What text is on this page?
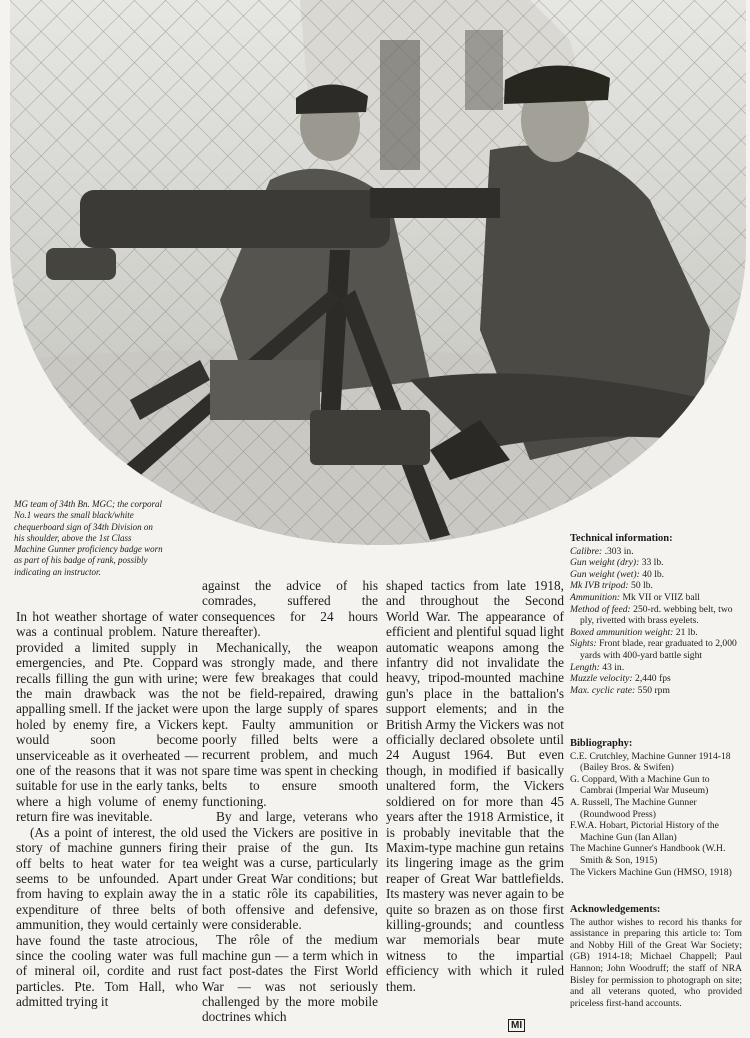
MG team of 34th Bn. MGC; the corporal No.1 wears the small black/white chequerboard sign of 34th Division on his shoulder, above the 1st Class Machine Gunner proficiency badge worn as part of his badge of rank, possibly indicating an instructor.

In hot weather shortage of water was a continual problem. Nature provided a limited supply in emergencies, and Pte. Coppard recalls filling the gun with urine; the main drawback was the appalling smell. If the jacket were holed by enemy fire, a Vickers would soon become unserviceable as it overheated — one of the reasons that it was not suitable for use in the early tanks, where a high volume of enemy return fire was inevitable.

(As a point of interest, the old story of machine gunners firing off belts to heat water for tea seems to be unfounded. Apart from having to explain away the expenditure of three belts of ammunition, they would certainly have found the taste atrocious, since the cooling water was full of mineral oil, cordite and rust particles. Pte. Tom Hall, who admitted trying it

against the advice of his comrades, suffered the consequences for 24 hours thereafter).

Mechanically, the weapon was strongly made, and there were few breakages that could not be field-repaired, drawing upon the large supply of spares kept. Faulty ammunition or poorly filled belts were a recurrent problem, and much spare time was spent in checking belts to ensure smooth functioning.

By and large, veterans who used the Vickers are positive in their praise of the gun. Its weight was a curse, particularly under Great War conditions; but in a static rôle its capabilities, both offensive and defensive, were considerable.

The rôle of the medium machine gun — a term which in fact post-dates the First World War — was not seriously challenged by the more mobile doctrines which

shaped tactics from late 1918, and throughout the Second World War. The appearance of efficient and plentiful squad light automatic weapons among the infantry did not invalidate the heavy, tripod-mounted machine gun's place in the battalion's support elements; and in the British Army the Vickers was not officially declared obsolete until 24 August 1964. But even though, in modified if basically unaltered form, the Vickers soldiered on for more than 45 years after the 1918 Armistice, it is probably inevitable that the Maxim-type machine gun retains its lingering image as the grim reaper of Great War battlefields. Its mastery was never again to be quite so brazen as on those first killing-grounds; and countless war memorials bear mute witness to the impartial efficiency with which it ruled them.

Technical information:
Calibre: .303 in.
Gun weight (dry): 33 lb.
Gun weight (wet): 40 lb.
Mk IVB tripod: 50 lb.
Ammunition: Mk VII or VIIZ ball
Method of feed: 250-rd. webbing belt, two ply, rivetted with brass eyelets.
Boxed ammunition weight: 21 lb.
Sights: Front blade, rear graduated to 2,000 yards with 400-yard battle sight
Length: 43 in.
Muzzle velocity: 2,440 fps
Max. cyclic rate: 550 rpm
Bibliography:
C.E. Crutchley, Machine Gunner 1914-18 (Bailey Bros. & Swifen)
G. Coppard, With a Machine Gun to Cambrai (Imperial War Museum)
A. Russell, The Machine Gunner (Roundwood Press)
F.W.A. Hobart, Pictorial History of the Machine Gun (Ian Allan)
The Machine Gunner's Handbook (W.H. Smith & Son, 1915)
The Vickers Machine Gun (HMSO, 1918)
Acknowledgements:
The author wishes to record his thanks for assistance in preparing this article to: Tom and Nobby Hill of the Great War Society; (GB) 1914-18; Michael Chappell; Paul Hannon; John Woodruff; the staff of NRA Bisley for permission to photograph on site; and all veterans quoted, who provided priceless first-hand accounts.
MI
